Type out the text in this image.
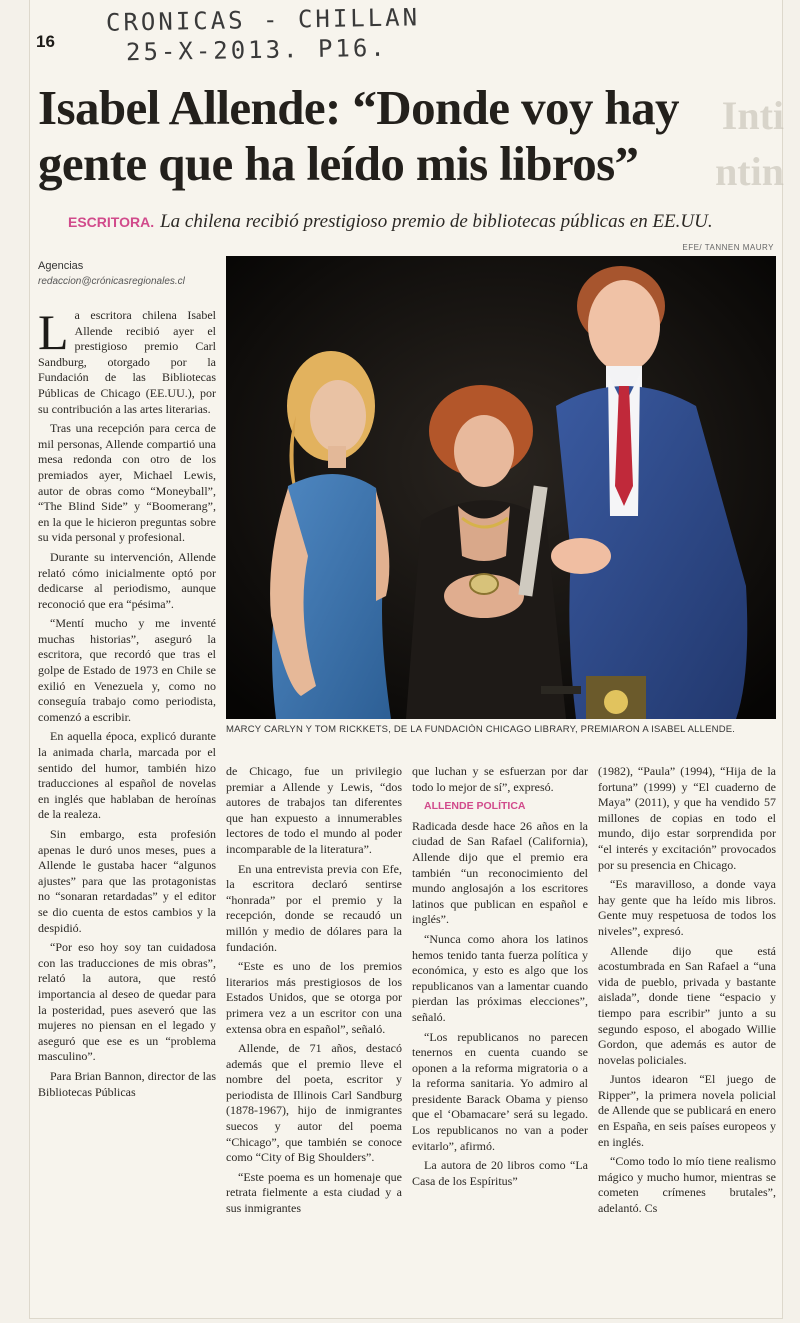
CRONICAS - CHILLAN
25-X-2013. P16.
16
Inti
ntin
Isabel Allende: “Donde voy hay gente que ha leído mis libros”
ESCRITORA. La chilena recibió prestigioso premio de bibliotecas públicas en EE.UU.
EFE/ TANNEN MAURY
Agencias
redaccion@crónicasregionales.cl
MARCY CARLYN Y TOM RICKKETS, DE LA FUNDACIÓN CHICAGO LIBRARY, PREMIARON A ISABEL ALLENDE.

La escritora chilena Isabel Allende recibió ayer el prestigioso premio Carl Sandburg, otorgado por la Fundación de las Bibliotecas Públicas de Chicago (EE.UU.), por su contribución a las artes literarias.

Tras una recepción para cerca de mil personas, Allende compartió una mesa redonda con otro de los premiados ayer, Michael Lewis, autor de obras como “Moneyball”, “The Blind Side” y “Boomerang”, en la que le hicieron preguntas sobre su vida personal y profesional.

Durante su intervención, Allende relató cómo inicialmente optó por dedicarse al periodismo, aunque reconoció que era “pésima”.

“Mentí mucho y me inventé muchas historias”, aseguró la escritora, que recordó que tras el golpe de Estado de 1973 en Chile se exilió en Venezuela y, como no conseguía trabajo como periodista, comenzó a escribir.

En aquella época, explicó durante la animada charla, marcada por el sentido del humor, también hizo traducciones al español de novelas en inglés que hablaban de heroínas de la realeza.

Sin embargo, esta profesión apenas le duró unos meses, pues a Allende le gustaba hacer “algunos ajustes” para que las protagonistas no “sonaran retardadas” y el editor se dio cuenta de estos cambios y la despidió.

“Por eso hoy soy tan cuidadosa con las traducciones de mis obras”, relató la autora, que restó importancia al deseo de quedar para la posteridad, pues aseveró que las mujeres no piensan en el legado y aseguró que ese es un “problema masculino”.

Para Brian Bannon, director de las Bibliotecas Públicas

de Chicago, fue un privilegio premiar a Allende y Lewis, “dos autores de trabajos tan diferentes que han expuesto a innumerables lectores de todo el mundo al poder incomparable de la literatura”.

En una entrevista previa con Efe, la escritora declaró sentirse “honrada” por el premio y la recepción, donde se recaudó un millón y medio de dólares para la fundación.

“Este es uno de los premios literarios más prestigiosos de los Estados Unidos, que se otorga por primera vez a un escritor con una extensa obra en español”, señaló.

Allende, de 71 años, destacó además que el premio lleve el nombre del poeta, escritor y periodista de Illinois Carl Sandburg (1878-1967), hijo de inmigrantes suecos y autor del poema “Chicago”, que también se conoce como “City of Big Shoulders”.

“Este poema es un homenaje que retrata fielmente a esta ciudad y a sus inmigrantes

que luchan y se esfuerzan por dar todo lo mejor de sí”, expresó.

ALLENDE POLÍTICA

Radicada desde hace 26 años en la ciudad de San Rafael (California), Allende dijo que el premio era también “un reconocimiento del mundo anglosajón a los escritores latinos que publican en español e inglés”.

“Nunca como ahora los latinos hemos tenido tanta fuerza política y económica, y esto es algo que los republicanos van a lamentar cuando pierdan las próximas elecciones”, señaló.

“Los republicanos no parecen tenernos en cuenta cuando se oponen a la reforma migratoria o a la reforma sanitaria. Yo admiro al presidente Barack Obama y pienso que el ‘Obamacare’ será su legado. Los republicanos no van a poder evitarlo”, afirmó.

La autora de 20 libros como “La Casa de los Espíritus”

(1982), “Paula” (1994), “Hija de la fortuna” (1999) y “El cuaderno de Maya” (2011), y que ha vendido 57 millones de copias en todo el mundo, dijo estar sorprendida por “el interés y excitación” provocados por su presencia en Chicago.

“Es maravilloso, a donde vaya hay gente que ha leído mis libros. Gente muy respetuosa de todos los niveles”, expresó.

Allende dijo que está acostumbrada en San Rafael a “una vida de pueblo, privada y bastante aislada”, donde tiene “espacio y tiempo para escribir” junto a su segundo esposo, el abogado Willie Gordon, que además es autor de novelas policiales.

Juntos idearon “El juego de Ripper”, la primera novela policial de Allende que se publicará en enero en España, en seis países europeos y en inglés.

“Como todo lo mío tiene realismo mágico y mucho humor, mientras se cometen crímenes brutales”, adelantó. Cs
